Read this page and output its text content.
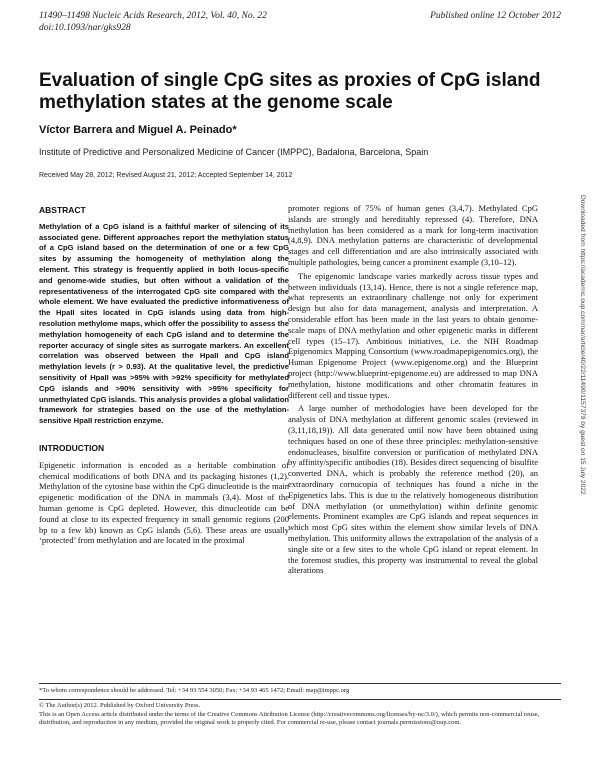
11490–11498 Nucleic Acids Research, 2012, Vol. 40, No. 22
doi:10.1093/nar/gks928
Published online 12 October 2012
Evaluation of single CpG sites as proxies of CpG island methylation states at the genome scale
Víctor Barrera and Miguel A. Peinado*
Institute of Predictive and Personalized Medicine of Cancer (IMPPC), Badalona, Barcelona, Spain
Received May 28, 2012; Revised August 21, 2012; Accepted September 14, 2012

ABSTRACT

Methylation of a CpG island is a faithful marker of silencing of its associated gene. Different approaches report the methylation status of a CpG island based on the determination of one or a few CpG sites by assuming the homogeneity of methylation along the element. This strategy is frequently applied in both locus-specific and genome-wide studies, but often without a validation of the representativeness of the interrogated CpG site compared with the whole element. We have evaluated the predictive informativeness of the HpaII sites located in CpG islands using data from high-resolution methylome maps, which offer the possibility to assess the methylation homogeneity of each CpG island and to determine the reporter accuracy of single sites as surrogate markers. An excellent correlation was observed between the HpaII and CpG island methylation levels (r > 0.93). At the qualitative level, the predictive sensitivity of HpaII was >95% with >92% specificity for methylated CpG islands and >90% sensitivity with >95% specificity for unmethylated CpG islands. This analysis provides a global validation framework for strategies based on the use of the methylation-sensitive HpaII restriction enzyme.

INTRODUCTION

Epigenetic information is encoded as a heritable combination of chemical modifications of both DNA and its packaging histones (1,2). Methylation of the cytosine base within the CpG dinucleotide is the main epigenetic modification of the DNA in mammals (3,4). Most of the human genome is CpG depleted. However, this dinucleotide can be found at close to its expected frequency in small genomic regions (200 bp to a few kb) known as CpG islands (5,6). These areas are usually ‘protected’ from methylation and are located in the proximal

promoter regions of 75% of human genes (3,4,7). Methylated CpG islands are strongly and hereditably repressed (4). Therefore, DNA methylation has been considered as a mark for long-term inactivation (4,8,9). DNA methylation patterns are characteristic of developmental stages and cell differentiation and are also intrinsically associated with multiple pathologies, being cancer a prominent example (3,10–12).

The epigenomic landscape varies markedly across tissue types and between individuals (13,14). Hence, there is not a single reference map, what represents an extraordinary challenge not only for experiment design but also for data management, analysis and interpretation. A considerable effort has been made in the last years to obtain genome-scale maps of DNA methylation and other epigenetic marks in different cell types (15–17). Ambitious initiatives, i.e. the NIH Roadmap Epigenomics Mapping Consortium (www.roadmapepigenomics.org), the Human Epigenome Project (www.epigenome.org) and the Blueprint project (http://www.blueprint-epigenome.eu) are addressed to map DNA methylation, histone modifications and other chromatin features in different cell and tissue types.

A large number of methodologies have been developed for the analysis of DNA methylation at different genomic scales (reviewed in (3,11,18,19)). All data generated until now have been obtained using techniques based on one of these three principles: methylation-sensitive endonucleases, bisulfite conversion or purification of methylated DNA by affinity/specific antibodies (18). Besides direct sequencing of bisulfite converted DNA, which is probably the reference method (20), an extraordinary cornucopia of techniques has found a niche in the Epigenetics labs. This is due to the relatively homogeneous distribution of DNA methylation (or unmethylation) within definite genomic elements. Prominent examples are CpG islands and repeat sequences in which most CpG sites within the element show similar levels of DNA methylation. This uniformity allows the extrapolation of the analysis of a single site or a few sites to the whole CpG island or repeat element. In the foremost studies, this property was instrumental to reveal the global alterations

Downloaded from https://academic.oup.com/nar/article/40/22/11490/1157379 by guest on 15 July 2022
*To whom correspondence should be addressed. Tel: +34 93 554 3050; Fax: +34 93 465 1472; Email: map@imppc.org

© The Author(s) 2012. Published by Oxford University Press.

This is an Open Access article distributed under the terms of the Creative Commons Attribution License (http://creativecommons.org/licenses/by-nc/3.0/), which permits non-commercial reuse, distribution, and reproduction in any medium, provided the original work is properly cited. For commercial re-use, please contact journals.permissions@oup.com.
